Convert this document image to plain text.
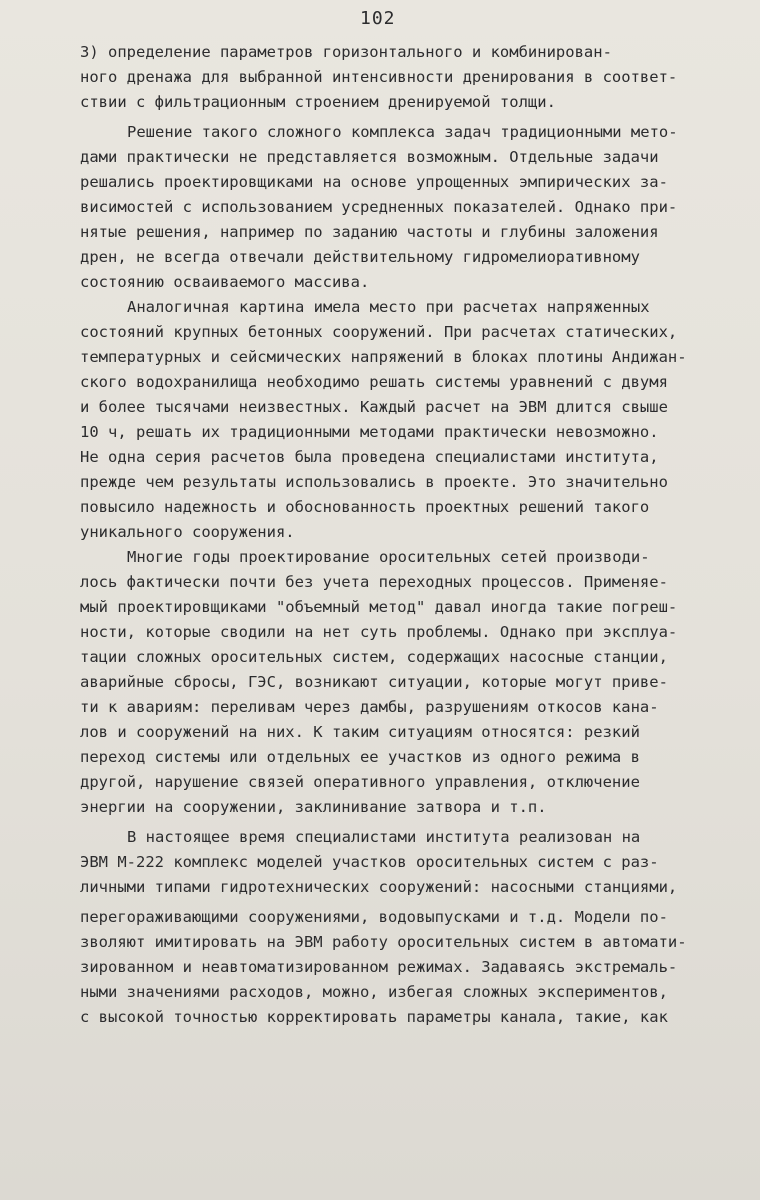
102

3) определение параметров горизонтального и комбинирован-

ного дренажа для выбранной интенсивности дренирования в соответ-

ствии с фильтрационным строением дренируемой толщи.

Решение такого сложного комплекса задач традиционными мето-

дами практически не представляется возможным. Отдельные задачи

решались проектировщиками на основе упрощенных эмпирических за-

висимостей с использованием усредненных показателей. Однако при-

нятые решения, например по заданию частоты и глубины заложения

дрен, не всегда отвечали действительному гидромелиоративному

состоянию осваиваемого массива.

Аналогичная картина имела место при расчетах напряженных

состояний крупных бетонных сооружений. При расчетах статических,

температурных и сейсмических напряжений в блоках плотины Андижан-

ского водохранилища необходимо решать системы уравнений с двумя

и более тысячами неизвестных. Каждый расчет на ЭВМ длится свыше

10 ч, решать их традиционными методами практически невозможно.

Не одна серия расчетов была проведена специалистами института,

прежде чем результаты использовались в проекте. Это значительно

повысило надежность и обоснованность проектных решений такого

уникального сооружения.

Многие годы проектирование оросительных сетей производи-

лось фактически почти без учета переходных процессов. Применяе-

мый проектировщиками "объемный метод" давал иногда такие погреш-

ности, которые сводили на нет суть проблемы. Однако при эксплуа-

тации сложных оросительных систем, содержащих насосные станции,

аварийные сбросы, ГЭС, возникают ситуации, которые могут приве-

ти к авариям: переливам через дамбы, разрушениям откосов кана-

лов и сооружений на них. К таким ситуациям относятся: резкий

переход системы или отдельных ее участков из одного режима в

другой, нарушение связей оперативного управления, отключение

энергии на сооружении, заклинивание затвора и т.п.

В настоящее время специалистами института реализован на

ЭВМ М-222 комплекс моделей участков оросительных систем с раз-

личными типами гидротехнических сооружений: насосными станциями,

перегораживающими сооружениями, водовыпусками и т.д. Модели по-

зволяют имитировать на ЭВМ работу оросительных систем в автомати-

зированном и неавтоматизированном режимах. Задаваясь экстремаль-

ными значениями расходов, можно, избегая сложных экспериментов,

с высокой точностью корректировать параметры канала, такие, как
